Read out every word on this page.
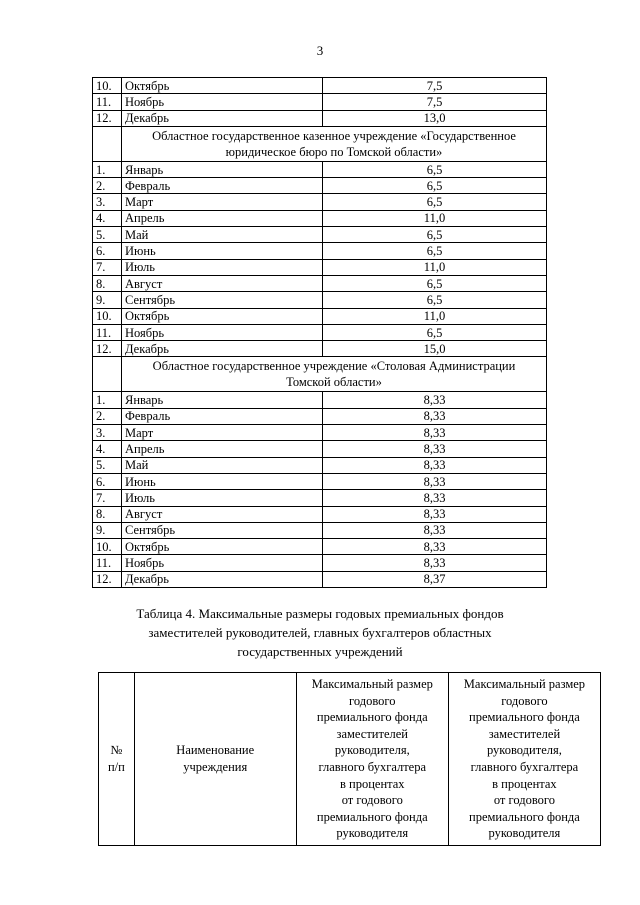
3
10.	Октябрь	7,5
11.	Ноябрь	7,5
12.	Декабрь	13,0

	Областное государственное казенное учреждение «Государственное
юридическое бюро по Томской области»	

1.	Январь	6,5
2.	Февраль	6,5
3.	Март	6,5
4.	Апрель	11,0
5.	Май	6,5
6.	Июнь	6,5
7.	Июль	11,0
8.	Август	6,5
9.	Сентябрь	6,5
10.	Октябрь	11,0
11.	Ноябрь	6,5
12.	Декабрь	15,0

	Областное государственное учреждение «Столовая Администрации
Томской области»	

1.	Январь	8,33
2.	Февраль	8,33
3.	Март	8,33
4.	Апрель	8,33
5.	Май	8,33
6.	Июнь	8,33
7.	Июль	8,33
8.	Август	8,33
9.	Сентябрь	8,33
10.	Октябрь	8,33
11.	Ноябрь	8,33
12.	Декабрь	8,37
Таблица 4. Максимальные размеры годовых премиальных фондов
заместителей руководителей, главных бухгалтеров областных
государственных учреждений
№
п/п

Наименование
учреждения

Максимальный размер
годового
премиального фонда
заместителей
руководителя,
главного бухгалтера
в процентах
от годового
премиального фонда
руководителя

Максимальный размер
годового
премиального фонда
заместителей
руководителя,
главного бухгалтера
в процентах
от годового
премиального фонда
руководителя
